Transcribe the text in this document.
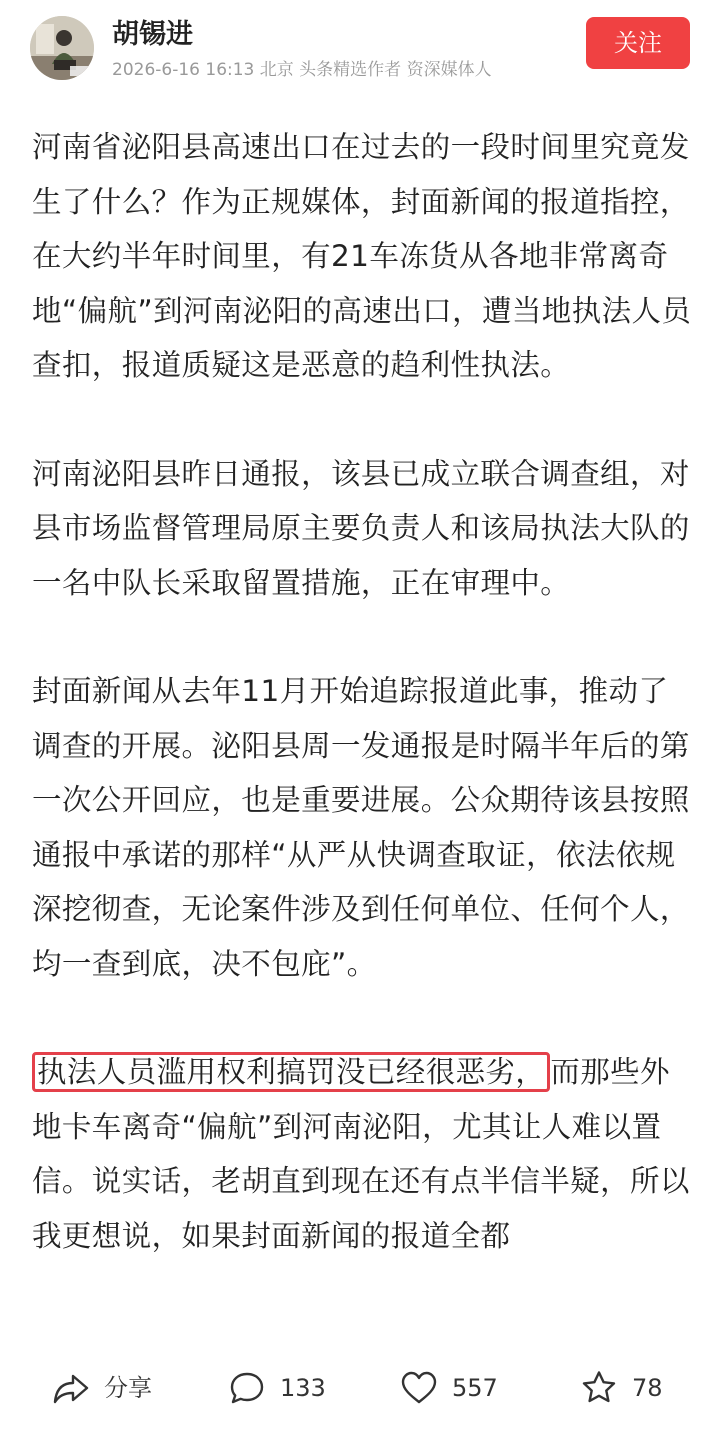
胡锡进
2026-6-16 16:13 北京 头条精选作者 资深媒体人
关注

河南省泌阳县高速出口在过去的一段时间里究竟发生了什么？作为正规媒体，封面新闻的报道指控，在大约半年时间里，有21车冻货从各地非常离奇地“偏航”到河南泌阳的高速出口，遭当地执法人员查扣，报道质疑这是恶意的趋利性执法。

河南泌阳县昨日通报，该县已成立联合调查组，对县市场监督管理局原主要负责人和该局执法大队的一名中队长采取留置措施，正在审理中。

封面新闻从去年11月开始追踪报道此事，推动了调查的开展。泌阳县周一发通报是时隔半年后的第一次公开回应，也是重要进展。公众期待该县按照通报中承诺的那样“从严从快调查取证，依法依规深挖彻查，无论案件涉及到任何单位、任何个人，均一查到底，决不包庇”。

执法人员滥用权利搞罚没已经很恶劣， 而那些外地卡车离奇“偏航”到河南泌阳，尤其让人难以置信。说实话，老胡直到现在还有点半信半疑，所以我更想说，如果封面新闻的报道全都

分享	133	557	78
